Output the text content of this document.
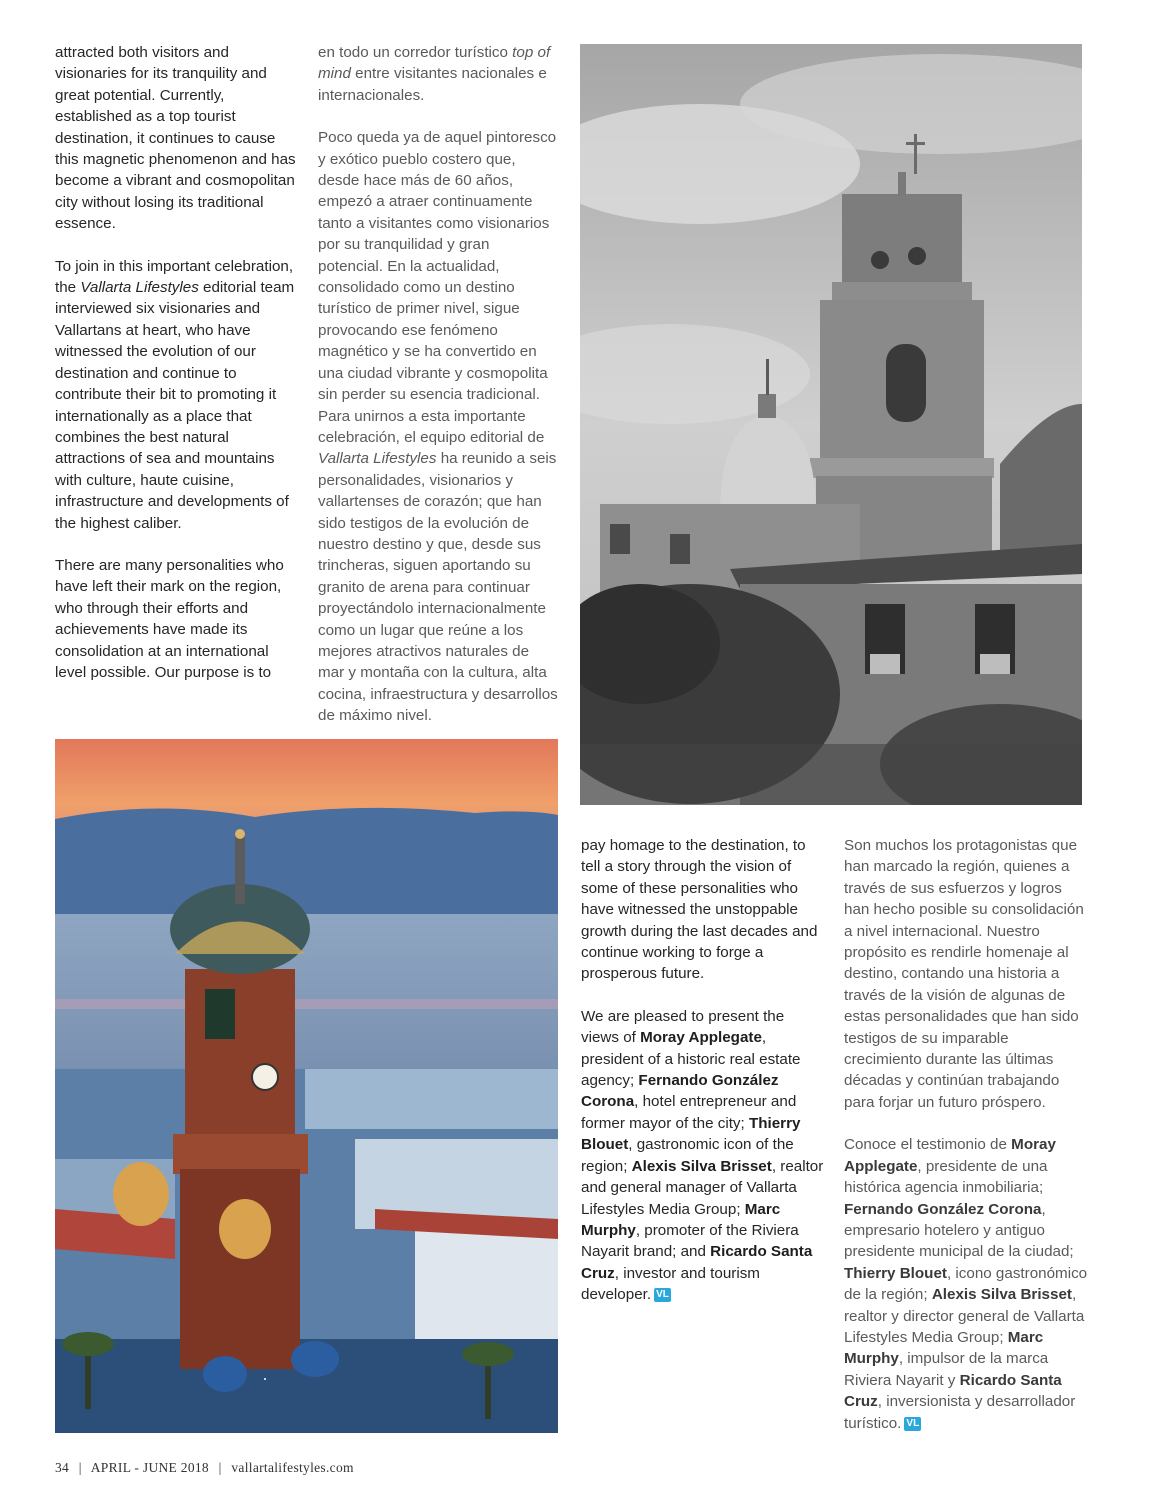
attracted both visitors and visionaries for its tranquility and great potential. Currently, established as a top tourist destination, it continues to cause this magnetic phenomenon and has become a vibrant and cosmopolitan city without losing its traditional essence.

To join in this important celebration, the Vallarta Lifestyles editorial team interviewed six visionaries and Vallartans at heart, who have witnessed the evolution of our destination and continue to contribute their bit to promoting it internationally as a place that combines the best natural attractions of sea and mountains with culture, haute cuisine, infrastructure and developments of the highest caliber.

There are many personalities who have left their mark on the region, who through their efforts and achievements have made its consolidation at an international level possible. Our purpose is to

en todo un corredor turístico top of mind entre visitantes nacionales e internacionales.

Poco queda ya de aquel pintoresco y exótico pueblo costero que, desde hace más de 60 años, empezó a atraer continuamente tanto a visitantes como visionarios por su tranquilidad y gran potencial. En la actualidad, consolidado como un destino turístico de primer nivel, sigue provocando ese fenómeno magnético y se ha convertido en una ciudad vibrante y cosmopolita sin perder su esencia tradicional. Para unirnos a esta importante celebración, el equipo editorial de Vallarta Lifestyles ha reunido a seis personalidades, visionarios y vallartenses de corazón; que han sido testigos de la evolución de nuestro destino y que, desde sus trincheras, siguen aportando su granito de arena para continuar proyectándolo internacionalmente como un lugar que reúne a los mejores atractivos naturales de mar y montaña con la cultura, alta cocina, infraestructura y desarrollos de máximo nivel.

pay homage to the destination, to tell a story through the vision of some of these personalities who have witnessed the unstoppable growth during the last decades and continue working to forge a prosperous future.

We are pleased to present the views of Moray Applegate, president of a historic real estate agency; Fernando González Corona, hotel entrepreneur and former mayor of the city; Thierry Blouet, gastronomic icon of the region; Alexis Silva Brisset, realtor and general manager of Vallarta Lifestyles Media Group; Marc Murphy, promoter of the Riviera Nayarit brand; and Ricardo Santa Cruz, investor and tourism developer. VL

Son muchos los protagonistas que han marcado la región, quienes a través de sus esfuerzos y logros han hecho posible su consolidación a nivel internacional. Nuestro propósito es rendirle homenaje al destino, contando una historia a través de la visión de algunas de estas personalidades que han sido testigos de su imparable crecimiento durante las últimas décadas y continúan trabajando para forjar un futuro próspero.

Conoce el testimonio de Moray Applegate, presidente de una histórica agencia inmobiliaria; Fernando González Corona, empresario hotelero y antiguo presidente municipal de la ciudad; Thierry Blouet, icono gastronómico de la región; Alexis Silva Brisset, realtor y director general de Vallarta Lifestyles Media Group; Marc Murphy, impulsor de la marca Riviera Nayarit y Ricardo Santa Cruz, inversionista y desarrollador turístico. VL

34 | APRIL - JUNE 2018 | vallartalifestyles.com
